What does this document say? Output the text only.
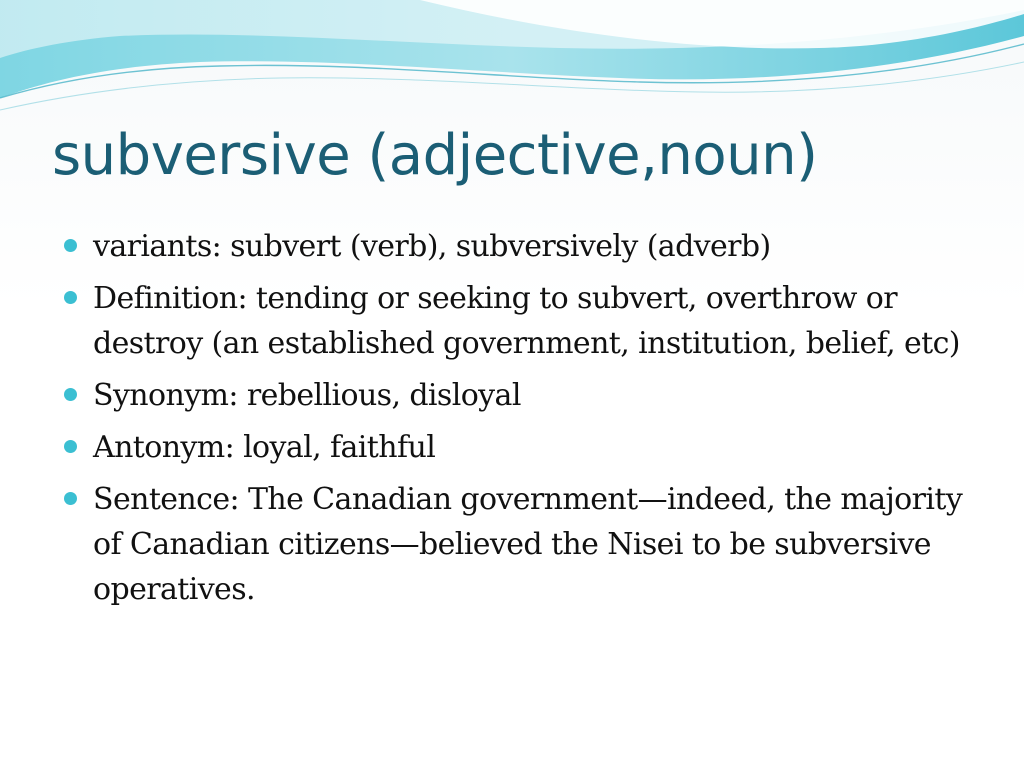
subversive (adjective,noun)
variants: subvert (verb), subversively (adverb)
Definition: tending or seeking to subvert, overthrow or destroy (an established government, institution, belief, etc)
Synonym: rebellious, disloyal
Antonym: loyal, faithful
Sentence: The Canadian government—indeed, the majority of Canadian citizens—believed the Nisei to be subversive operatives.
